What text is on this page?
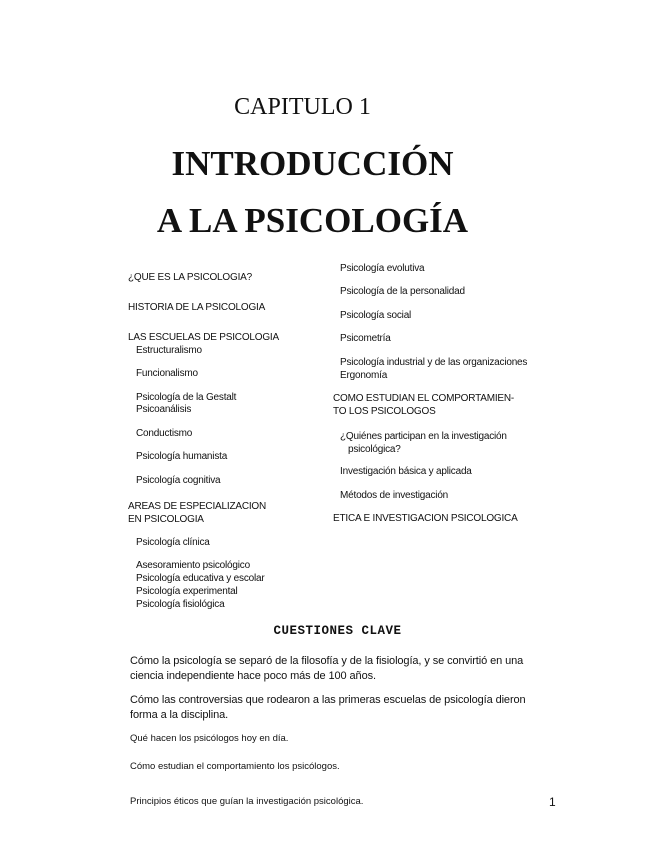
CAPITULO 1
INTRODUCCIÓN
A LA PSICOLOGÍA
¿QUE ES LA PSICOLOGIA?
HISTORIA DE LA PSICOLOGIA
LAS ESCUELAS DE PSICOLOGIA
Estructuralismo
Funcionalismo
Psicología de la Gestalt
Psicoanálisis
Conductismo
Psicología humanista
Psicología cognitiva
AREAS DE ESPECIALIZACION
EN PSICOLOGIA
Psicología clínica
Asesoramiento psicológico
Psicología educativa y escolar
Psicología experimental
Psicología fisiológica
Psicología evolutiva
Psicología de la personalidad
Psicología social
Psicometría
Psicología industrial y de las organizaciones
Ergonomía
COMO ESTUDIAN EL COMPORTAMIEN-
TO LOS PSICOLOGOS
¿Quiénes participan en la investigación
psicológica?
Investigación básica y aplicada
Métodos de investigación
ETICA E INVESTIGACION PSICOLOGICA
CUESTIONES CLAVE
Cómo la psicología se separó de la filosofía y de la fisiología, y se convirtió en una
ciencia independiente hace poco más de 100 años.
Cómo las controversias que rodearon a las primeras escuelas de psicología dieron
forma a la disciplina.
Qué hacen los psicólogos hoy en día.
Cómo estudian el comportamiento los psicólogos.
Principios éticos que guían la investigación psicológica.	1
